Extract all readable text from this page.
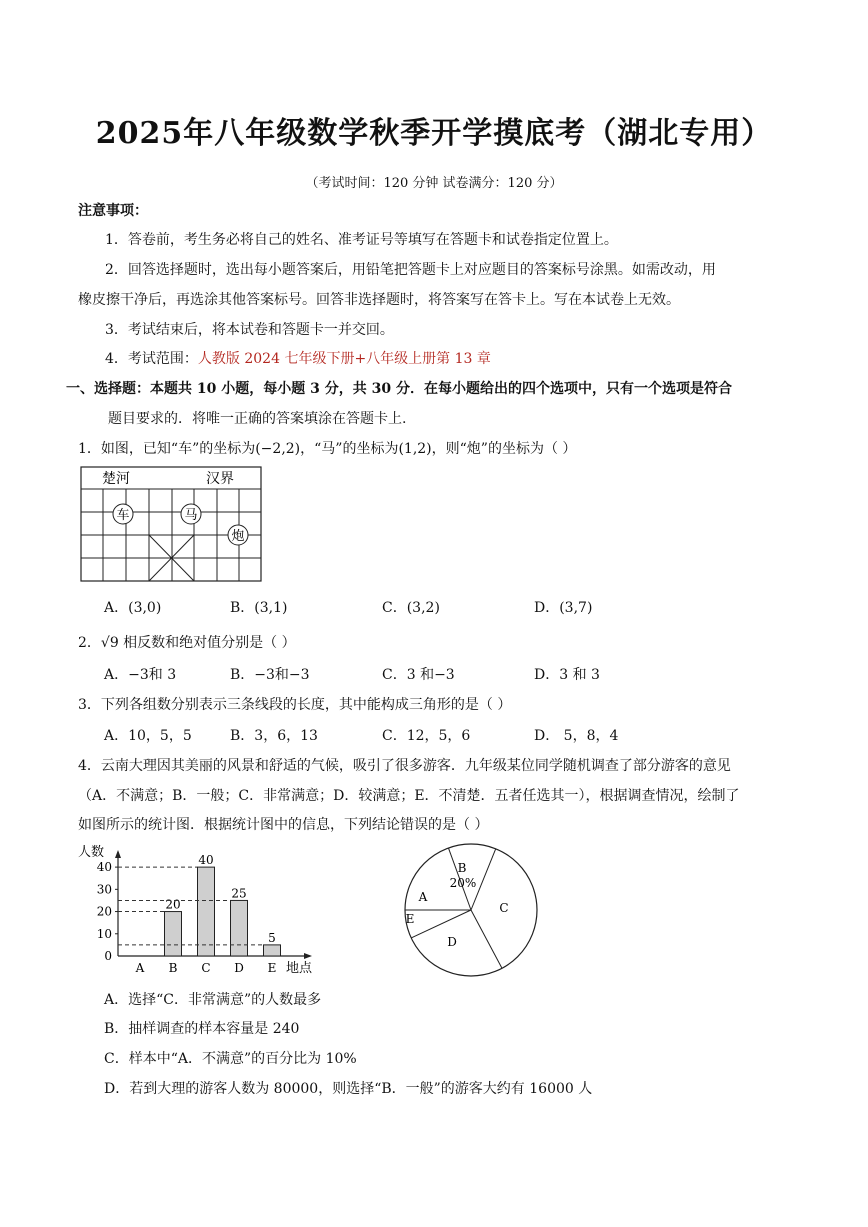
2025年八年级数学秋季开学摸底考（湖北专用）
（考试时间：120 分钟 试卷满分：120 分）
注意事项：
1．答卷前，考生务必将自己的姓名、准考证号等填写在答题卡和试卷指定位置上。
2．回答选择题时，选出每小题答案后，用铅笔把答题卡上对应题目的答案标号涂黑。如需改动，用
橡皮擦干净后，再选涂其他答案标号。回答非选择题时，将答案写在答卡上。写在本试卷上无效。
3．考试结束后，将本试卷和答题卡一并交回。
4．考试范围：人教版 2024 七年级下册+八年级上册第 13 章
一、选择题：本题共 10 小题，每小题 3 分，共 30 分．在每小题给出的四个选项中，只有一个选项是符合
题目要求的．将唯一正确的答案填涂在答题卡上.
1．如图，已知“车”的坐标为(−2,2)，“马”的坐标为(1,2)，则“炮”的坐标为（ ）
楚河	汉界
车	马
炮
A．(3,0)	B．(3,1)	C．(3,2)	D．(3,7)
2．√9 相反数和绝对值分别是（ ）
A．−3和 3	B．−3和−3	C．3 和−3	D．3 和 3
3．下列各组数分别表示三条线段的长度，其中能构成三角形的是（ ）
A．10，5，5	B．3，6，13	C．12，5，6	D． 5，8，4
4．云南大理因其美丽的风景和舒适的气候，吸引了很多游客．九年级某位同学随机调查了部分游客的意见
（A．不满意；B．一般；C．非常满意；D．较满意；E．不清楚．五者任选其一），根据调查情况，绘制了
如图所示的统计图．根据统计图中的信息，下列结论错误的是（ ）
人数
地点
0
10
20
30
40
A B
20
C
40
D
25
E
5
A
B
C
D
E
20%
A．选择“C．非常满意”的人数最多
B．抽样调查的样本容量是 240
C．样本中“A．不满意”的百分比为 10%
D．若到大理的游客人数为 80000，则选择“B．一般”的游客大约有 16000 人
